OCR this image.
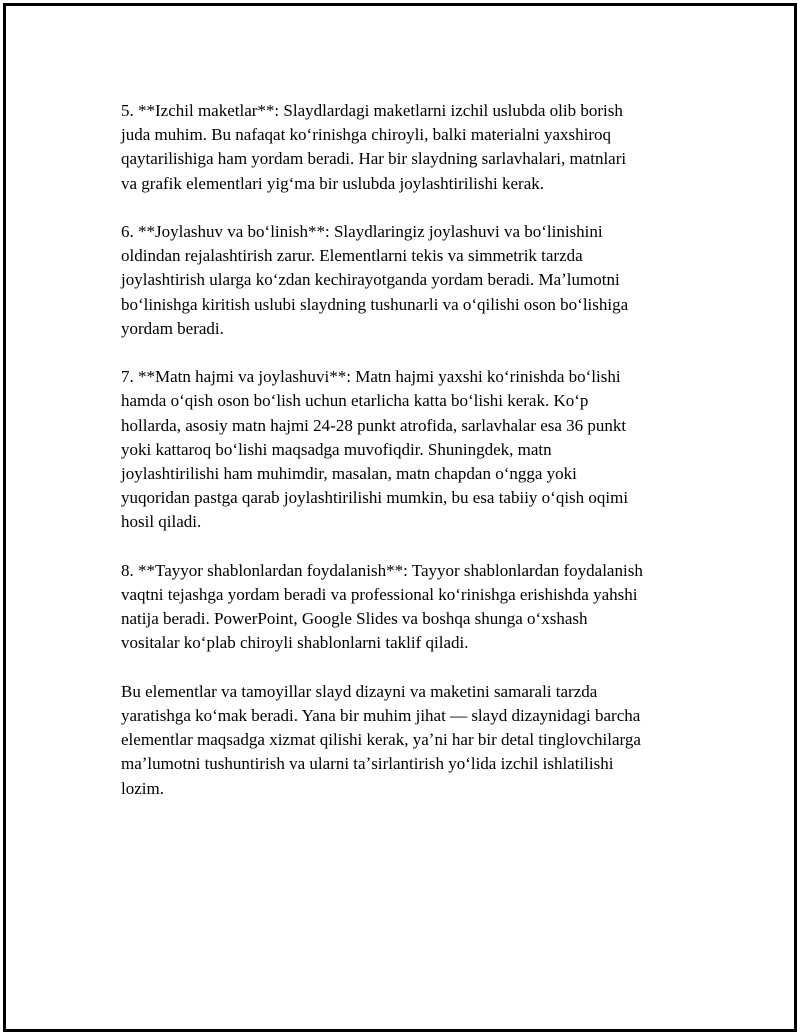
5. **Izchil maketlar**: Slaydlardagi maketlarni izchil uslubda olib borish
juda muhim. Bu nafaqat koʻrinishga chiroyli, balki materialni yaxshiroq
qaytarilishiga ham yordam beradi. Har bir slaydning sarlavhalari, matnlari
va grafik elementlari yigʻma bir uslubda joylashtirilishi kerak.

6. **Joylashuv va boʻlinish**: Slaydlaringiz joylashuvi va boʻlinishini
oldindan rejalashtirish zarur. Elementlarni tekis va simmetrik tarzda
joylashtirish ularga koʻzdan kechirayotganda yordam beradi. Maʼlumotni
boʻlinishga kiritish uslubi slaydning tushunarli va oʻqilishi oson boʻlishiga
yordam beradi.

7. **Matn hajmi va joylashuvi**: Matn hajmi yaxshi koʻrinishda boʻlishi
hamda oʻqish oson boʻlish uchun etarlicha katta boʻlishi kerak. Koʻp
hollarda, asosiy matn hajmi 24-28 punkt atrofida, sarlavhalar esa 36 punkt
yoki kattaroq boʻlishi maqsadga muvofiqdir. Shuningdek, matn
joylashtirilishi ham muhimdir, masalan, matn chapdan oʻngga yoki
yuqoridan pastga qarab joylashtirilishi mumkin, bu esa tabiiy oʻqish oqimi
hosil qiladi.

8. **Tayyor shablonlardan foydalanish**: Tayyor shablonlardan foydalanish
vaqtni tejashga yordam beradi va professional koʻrinishga erishishda yahshi
natija beradi. PowerPoint, Google Slides va boshqa shunga oʻxshash
vositalar koʻplab chiroyli shablonlarni taklif qiladi.

Bu elementlar va tamoyillar slayd dizayni va maketini samarali tarzda
yaratishga koʻmak beradi. Yana bir muhim jihat — slayd dizaynidagi barcha
elementlar maqsadga xizmat qilishi kerak, yaʼni har bir detal tinglovchilarga
maʼlumotni tushuntirish va ularni taʼsirlantirish yoʻlida izchil ishlatilishi
lozim.
